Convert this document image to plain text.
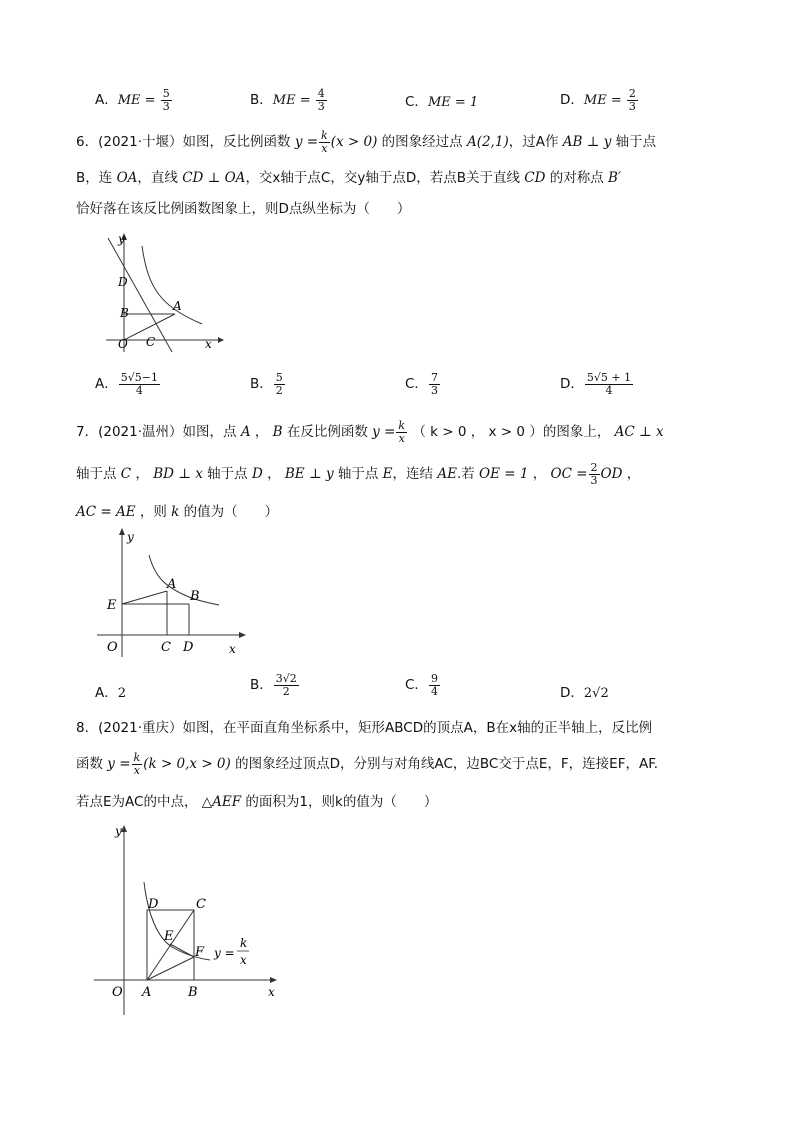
A．ME = $\frac{5}{3}$	B．ME = $\frac{4}{3}$	C．ME = 1	D．ME = $\frac{2}{3}$
6．(2021·十堰）如图，反比例函数 $y = \frac{k}{x} (x > 0)$ 的图象经过点 A(2,1)，过A作 AB ⊥ y 轴于点
B，连 OA，直线 CD ⊥ OA，交x轴于点C，交y轴于点D，若点B关于直线 CD 的对称点 B′
恰好落在该反比例函数图象上，则D点纵坐标为（　　）
y
x
O C
B
D
A
A． $\frac{5√5-1}{4}$	B． $\frac{5}{2}$	C． $\frac{7}{3}$	D． $\frac{5√5 + 1}{4}$
7．(2021·温州）如图，点 A ， B 在反比例函数 $y = \frac{k}{x}$ （ k > 0 ， x > 0 ）的图象上， AC ⊥ x
轴于点 C ， BD ⊥ x 轴于点 D ， BE ⊥ y 轴于点 E，连结 AE.若 OE = 1 ， OC = $\frac{2}{3}$ OD ，
AC = AE ，则 k 的值为（　　）
y
x
O	C D
E
A
B
A．2
B． $\frac{3√2}{2}$	C． $\frac{9}{4}$	D．2√2
8．(2021·重庆）如图，在平面直角坐标系中，矩形ABCD的顶点A，B在x轴的正半轴上，反比例
函数 $y = \frac{k}{x} (k > 0,x > 0)$ 的图象经过顶点D，分别与对角线AC，边BC交于点E，F，连接EF，AF.
若点E为AC的中点， △AEF 的面积为1，则k的值为（　　）
y
x
O A	B
C
D
E
F y =
k
x
